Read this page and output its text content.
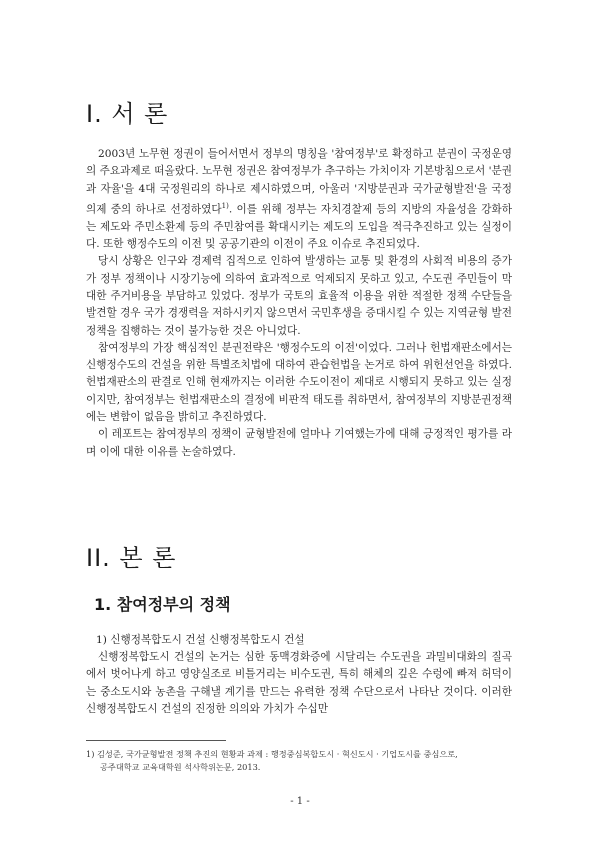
I. 서 론

2003년 노무현 정권이 들어서면서 정부의 명칭을 '참여정부'로 확정하고 분권이 국정운영의 주요과제로 떠올랐다. 노무현 정권은 참여정부가 추구하는 가치이자 기본방침으로서 '분권과 자율'을 4대 국정원리의 하나로 제시하였으며, 아울러 '지방분권과 국가균형발전'을 국정 의제 중의 하나로 선정하였다$^{1)}$. 이를 위해 정부는 자치경찰제 등의 지방의 자율성을 강화하는 제도와 주민소환제 등의 주민참여를 확대시키는 제도의 도입을 적극추진하고 있는 실정이다. 또한 행정수도의 이전 및 공공기관의 이전이 주요 이슈로 추진되었다.

당시 상황은 인구와 경제력 집적으로 인하여 발생하는 교통 및 환경의 사회적 비용의 증가가 정부 정책이나 시장기능에 의하여 효과적으로 억제되지 못하고 있고, 수도권 주민들이 막대한 주거비용을 부담하고 있었다. 정부가 국토의 효율적 이용을 위한 적절한 정책 수단들을 발견할 경우 국가 경쟁력을 저하시키지 않으면서 국민후생을 증대시킬 수 있는 지역균형 발전 정책을 집행하는 것이 불가능한 것은 아니었다.

참여정부의 가장 핵심적인 분권전략은 '행정수도의 이전'이었다. 그러나 헌법재판소에서는 신행정수도의 건설을 위한 특별조치법에 대하여 관습헌법을 논거로 하여 위헌선언을 하였다. 헌법재판소의 판결로 인해 현재까지는 이러한 수도이전이 제대로 시행되지 못하고 있는 실정이지만, 참여정부는 헌법재판소의 결정에 비판적 태도를 취하면서, 참여정부의 지방분권정책에는 변함이 없음을 밝히고 추진하였다.

이 레포트는 참여정부의 정책이 균형발전에 얼마나 기여했는가에 대해 긍정적인 평가를 라며 이에 대한 이유를 논술하였다.

II. 본 론
1. 참여정부의 정책

1) 신행정복합도시 건설 신행정복합도시 건설

신행정복합도시 건설의 논거는 심한 동맥경화증에 시달리는 수도권을 과밀비대화의 질곡에서 벗어나게 하고 영양실조로 비틀거리는 비수도권, 특히 해체의 깊은 수렁에 빠져 허덕이는 중소도시와 농촌을 구해낼 계기를 만드는 유력한 정책 수단으로서 나타난 것이다. 이러한 신행정복합도시 건설의 진정한 의의와 가치가 수십만

1) 김성준, 국가균형발전 정책 추진의 현황과 과제 : 행정중심복합도시 · 혁신도시 · 기업도시를 중심으로,
공주대학교 교육대학원 석사학위논문, 2013.

- 1 -
